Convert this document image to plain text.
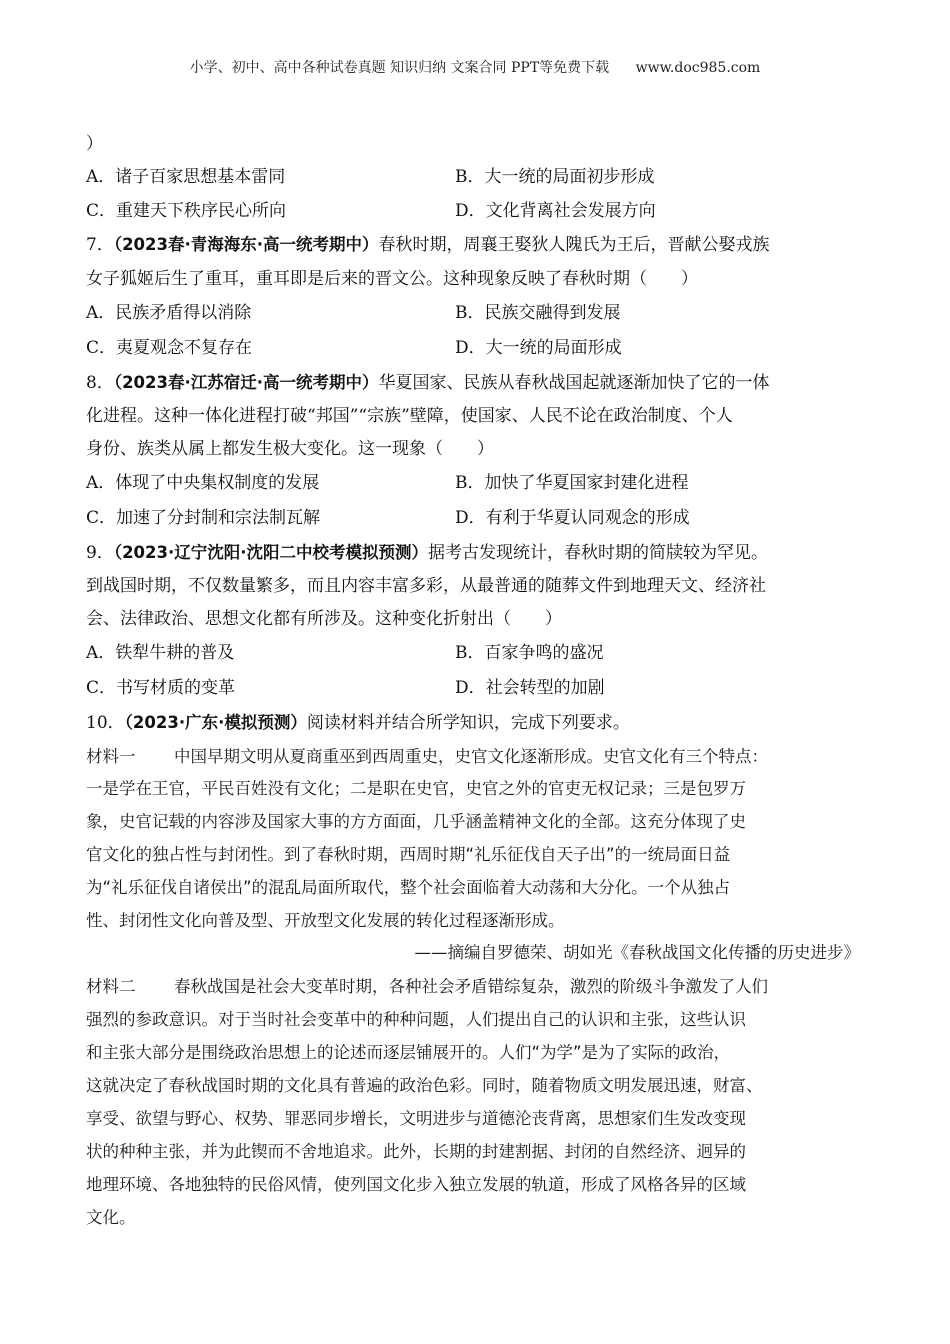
小学、初中、高中各种试卷真题 知识归纳 文案合同 PPT等免费下载 www.doc985.com
）
A．诸子百家思想基本雷同	B．大一统的局面初步形成
C．重建天下秩序民心所向	D．文化背离社会发展方向
7．（2023春·青海海东·高一统考期中）春秋时期，周襄王娶狄人隗氏为王后，晋献公娶戎族
女子狐姬后生了重耳，重耳即是后来的晋文公。这种现象反映了春秋时期（　　）
A．民族矛盾得以消除	B．民族交融得到发展
C．夷夏观念不复存在	D．大一统的局面形成
8．（2023春·江苏宿迁·高一统考期中）华夏国家、民族从春秋战国起就逐渐加快了它的一体
化进程。这种一体化进程打破“邦国”“宗族”壁障，使国家、人民不论在政治制度、个人
身份、族类从属上都发生极大变化。这一现象（　　）
A．体现了中央集权制度的发展	B．加快了华夏国家封建化进程
C．加速了分封制和宗法制瓦解	D．有利于华夏认同观念的形成
9．（2023·辽宁沈阳·沈阳二中校考模拟预测）据考古发现统计，春秋时期的简牍较为罕见。
到战国时期，不仅数量繁多，而且内容丰富多彩，从最普通的随葬文件到地理天文、经济社
会、法律政治、思想文化都有所涉及。这种变化折射出（　　）
A．铁犁牛耕的普及	B．百家争鸣的盛况
C．书写材质的变革	D．社会转型的加剧
10．（2023·广东·模拟预测）阅读材料并结合所学知识，完成下列要求。
材料一 中国早期文明从夏商重巫到西周重史，史官文化逐渐形成。史官文化有三个特点：
一是学在王官，平民百姓没有文化；二是职在史官，史官之外的官吏无权记录；三是包罗万
象，史官记载的内容涉及国家大事的方方面面，几乎涵盖精神文化的全部。这充分体现了史
官文化的独占性与封闭性。到了春秋时期，西周时期“礼乐征伐自天子出”的一统局面日益
为“礼乐征伐自诸侯出”的混乱局面所取代，整个社会面临着大动荡和大分化。一个从独占
性、封闭性文化向普及型、开放型文化发展的转化过程逐渐形成。
——摘编自罗德荣、胡如光《春秋战国文化传播的历史进步》
材料二 春秋战国是社会大变革时期，各种社会矛盾错综复杂，激烈的阶级斗争激发了人们
强烈的参政意识。对于当时社会变革中的种种问题，人们提出自己的认识和主张，这些认识
和主张大部分是围绕政治思想上的论述而逐层铺展开的。人们“为学”是为了实际的政治，
这就决定了春秋战国时期的文化具有普遍的政治色彩。同时，随着物质文明发展迅速，财富、
享受、欲望与野心、权势、罪恶同步增长，文明进步与道德沦丧背离，思想家们生发改变现
状的种种主张，并为此锲而不舍地追求。此外，长期的封建割据、封闭的自然经济、迥异的
地理环境、各地独特的民俗风情，使列国文化步入独立发展的轨道，形成了风格各异的区域
文化。
